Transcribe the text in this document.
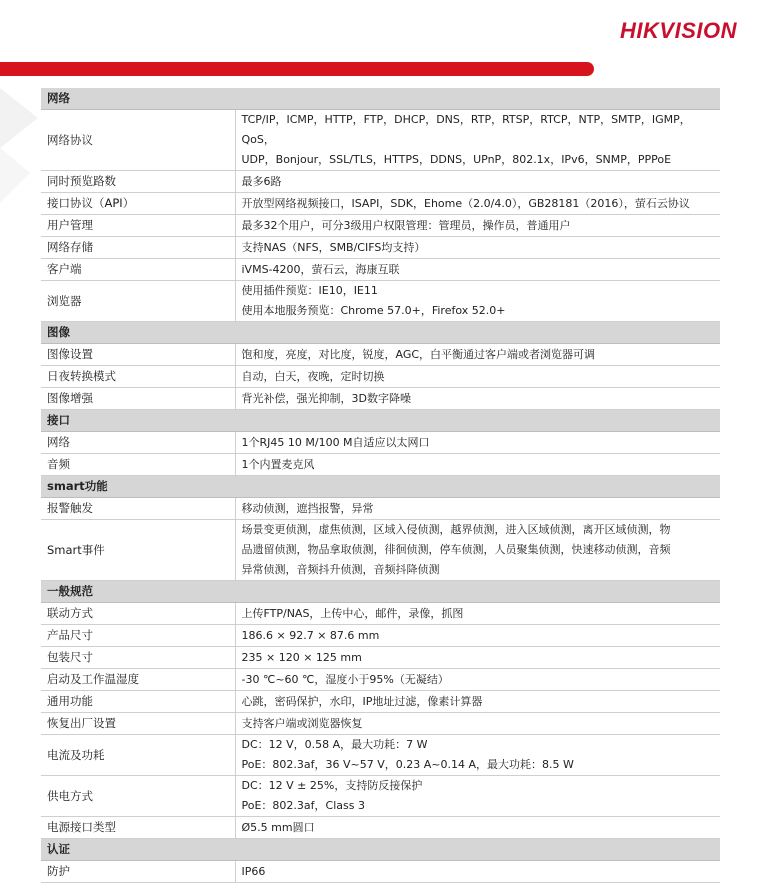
HIKVISION
网络	
网络协议	TCP/IP，ICMP，HTTP，FTP，DHCP，DNS，RTP，RTSP，RTCP，NTP，SMTP，IGMP，QoS，
UDP，Bonjour，SSL/TLS，HTTPS，DDNS，UPnP，802.1x，IPv6，SNMP，PPPoE

同时预览路数	最多6路

接口协议（API）	开放型网络视频接口，ISAPI，SDK，Ehome（2.0/4.0），GB28181（2016），萤石云协议

用户管理	最多32个用户，可分3级用户权限管理：管理员，操作员，普通用户

网络存储	支持NAS（NFS，SMB/CIFS均支持）

客户端	iVMS-4200，萤石云，海康互联

浏览器	使用插件预览：IE10，IE11
使用本地服务预览：Chrome 57.0+，Firefox 52.0+

图像	
图像设置	饱和度，亮度，对比度，锐度，AGC，白平衡通过客户端或者浏览器可调

日夜转换模式	自动，白天，夜晚，定时切换

图像增强	背光补偿，强光抑制，3D数字降噪

接口	
网络	1个RJ45 10 M/100 M自适应以太网口

音频	1个内置麦克风

smart功能	
报警触发	移动侦测，遮挡报警，异常

Smart事件	场景变更侦测，虚焦侦测，区域入侵侦测，越界侦测，进入区域侦测，离开区域侦测，物
品遗留侦测，物品拿取侦测，徘徊侦测，停车侦测，人员聚集侦测，快速移动侦测，音频
异常侦测，音频抖升侦测，音频抖降侦测

一般规范	
联动方式	上传FTP/NAS，上传中心，邮件，录像，抓图

产品尺寸	186.6 × 92.7 × 87.6 mm

包装尺寸	235 × 120 × 125 mm

启动及工作温湿度	-30 ℃~60 ℃，湿度小于95%（无凝结）

通用功能	心跳，密码保护，水印，IP地址过滤，像素计算器

恢复出厂设置	支持客户端或浏览器恢复

电流及功耗	DC：12 V，0.58 A，最大功耗：7 W
PoE：802.3af，36 V~57 V，0.23 A~0.14 A，最大功耗：8.5 W

供电方式	DC：12 V ± 25%，支持防反接保护
PoE：802.3af，Class 3

电源接口类型	Ø5.5 mm圆口

认证	
防护	IP66
